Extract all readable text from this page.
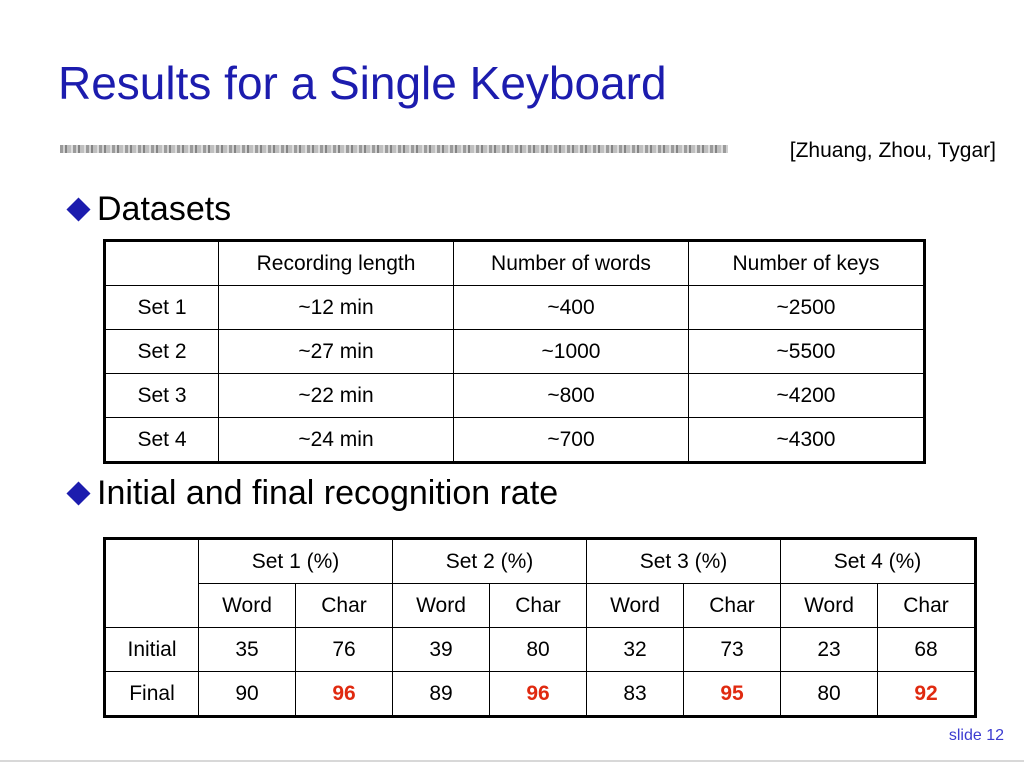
Results for a Single Keyboard
[Zhuang, Zhou, Tygar]
Datasets
	Recording length	Number of words	Number of keys
Set 1	~12 min	~400	~2500
Set 2	~27 min	~1000	~5500
Set 3	~22 min	~800	~4200
Set 4	~24 min	~700	~4300
Initial and final recognition rate
	Set 1 (%)		Set 2 (%)		Set 3 (%)		Set 4 (%)	
	Word	Char	Word	Char	Word	Char	Word	Char
Initial	35	76	39	80	32	73	23	68
Final	90	96	89	96	83	95	80	92
slide 12
